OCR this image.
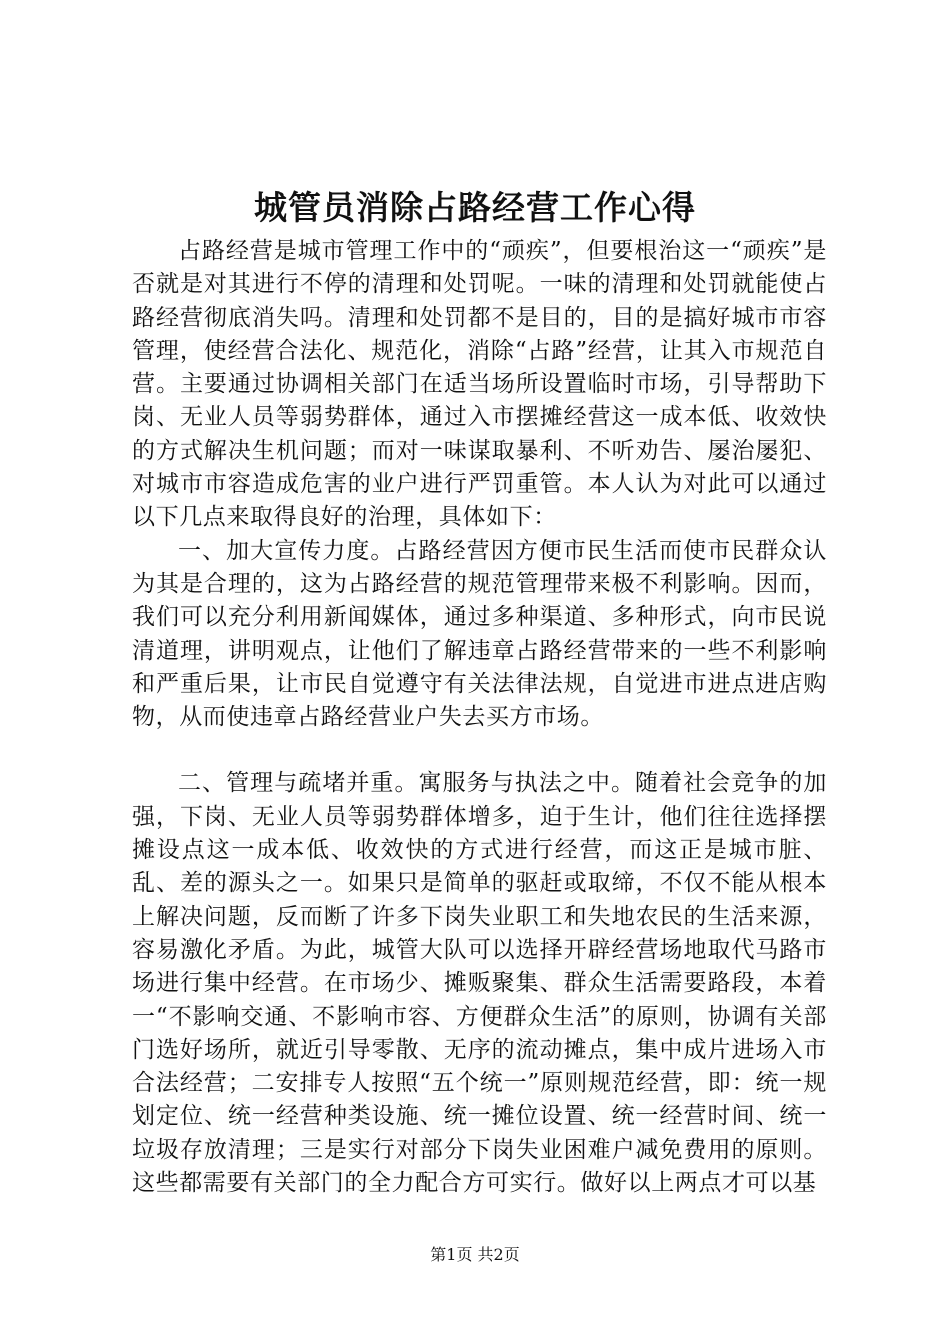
城管员消除占路经营工作心得

占路经营是城市管理工作中的“顽疾”，但要根治这一“顽疾”是否就是对其进行不停的清理和处罚呢。一味的清理和处罚就能使占路经营彻底消失吗。清理和处罚都不是目的，目的是搞好城市市容管理，使经营合法化、规范化，消除“占路”经营，让其入市规范自营。主要通过协调相关部门在适当场所设置临时市场，引导帮助下岗、无业人员等弱势群体，通过入市摆摊经营这一成本低、收效快的方式解决生机问题；而对一味谋取暴利、不听劝告、屡治屡犯、对城市市容造成危害的业户进行严罚重管。本人认为对此可以通过以下几点来取得良好的治理，具体如下：

一、加大宣传力度。占路经营因方便市民生活而使市民群众认为其是合理的，这为占路经营的规范管理带来极不利影响。因而，我们可以充分利用新闻媒体，通过多种渠道、多种形式，向市民说清道理，讲明观点，让他们了解违章占路经营带来的一些不利影响和严重后果，让市民自觉遵守有关法律法规，自觉进市进点进店购物，从而使违章占路经营业户失去买方市场。

二、管理与疏堵并重。寓服务与执法之中。随着社会竞争的加强，下岗、无业人员等弱势群体增多，迫于生计，他们往往选择摆摊设点这一成本低、收效快的方式进行经营，而这正是城市脏、乱、差的源头之一。如果只是简单的驱赶或取缔，不仅不能从根本上解决问题，反而断了许多下岗失业职工和失地农民的生活来源，容易激化矛盾。为此，城管大队可以选择开辟经营场地取代马路市场进行集中经营。在市场少、摊贩聚集、群众生活需要路段，本着一“不影响交通、不影响市容、方便群众生活”的原则，协调有关部门选好场所，就近引导零散、无序的流动摊点，集中成片进场入市合法经营；二安排专人按照“五个统一”原则规范经营，即：统一规划定位、统一经营种类设施、统一摊位设置、统一经营时间、统一垃圾存放清理；三是实行对部分下岗失业困难户减免费用的原则。这些都需要有关部门的全力配合方可实行。做好以上两点才可以基

第1页 共2页
